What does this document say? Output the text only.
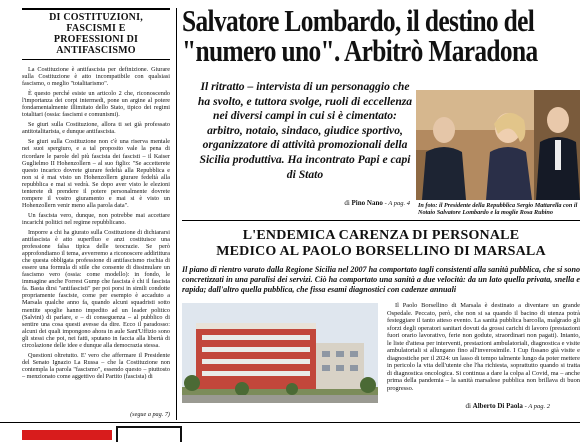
DI COSTITUZIONI,
FASCISMI E
PROFESSIONI DI
ANTIFASCISMO

La Costituzione è antifascista per definizione. Giurare sulla Costituzione è atto incompatibile con qualsiasi fascismo, o meglio "totalitarismo".

È questo perché esiste un articolo 2 che, riconoscendo l'importanza dei corpi intermedi, pone un argine al potere fondamentalmente illimitato dello Stato, tipico dei regimi totalitari (ossia: fascismi e comunismi).

Se giuri sulla Costituzione, allora ti sei già professato antitotalitarista, e dunque antifascista.

Se giuri sulla Costituzione non c'è una riserva mentale nei suoi spergiuro, e a tal proposito vale la pena di ricordare le parole del più fascista dei fascisti – il Kaiser Guglielmo II Hohenzollern – al suo figlio: "Se accetterete questo incarico dovrete giurare fedeltà alla Repubblica e non si è mai visto un Hohenzollern giurare fedeltà alla repubblica e mai si vedrà. Se dopo aver visto le elezioni tenterete di prendere il potere personalmente dovrete rompere il vostro giuramento e mai si è visto un Hohenzollern venir meno alla parola data".

Un fascista vero, dunque, non potrebbe mai accettare incarichi politici nel regime repubblicano.

Imporre a chi ha giurato sulla Costituzione di dichiararsi antifascista è atto superfluo e anzi costituisce una professione falsa tipica delle teocrazie. Se però approfondiamo il tema, avverremo a riconoscere addirittura che questa obbligata professione di antifascismo rischia di essere una formula di stile che consente di dissimulare un fascismo vero (ossia: come modello): in fondo, le immagine anche Forrest Gump che fascista è chi il fascista fa. Basta dirsi "antifascisti" per poi porsi in simili condotte propriamente fasciste, come per esempio è accaduto a Marsala qualche anno fa, quando alcuni squadristi sotto mentite spoglie hanno impedito ad un leader politico (Salvini) di parlare, e – di conseguenza – al pubblico di sentire una cosa questi avesse da dire. Ecco il paradosso: alcuni dei quali impongono ahora in aule Sant'Uffizio sono gli stessi che poi, nei fatti, sputano in faccia alla libertà di circolazione delle idee e dunque alla democrazia stessa.

Questioni oltretutto. E' vero che affermare il Presidente del Senato Ignazio La Russa – che la Costituzione non contempla la parola "fascismo", essendo questo – piuttosto – menzionato come aggettivo del Partito (fascista) di

(segue a pag. 7)
Salvatore Lombardo, il destino del
"numero uno". Arbitrò Maradona
Il ritratto – intervista di un personaggio che ha svolto, e tuttora svolge, ruoli di eccellenza nei diversi campi in cui si è cimentato: arbitro, notaio, sindaco, giudice sportivo, organizzatore di attività promozionali della Sicilia produttiva. Ha incontrato Papi e capi di Stato
di Pino Nano - A pag. 4 In foto: il Presidente della Repubblica Sergio Mattarella con il Notaio Salvatore Lombardo e la moglie Rosa Rubino
L'ENDEMICA CARENZA DI PERSONALE
MEDICO AL PAOLO BORSELLINO DI MARSALA
Il piano di rientro varato dalla Regione Sicilia nel 2007 ha comportato tagli consistenti alla sanità pubblica, che si sono concretizzati in una paralisi dei servizi. Ciò ha comportato una sanità a due velocità: da un lato quella privata, snella e rapida; dall'altro quella pubblica, che fissa esami diagnostici con cadenze annuali

Il Paolo Borsellino di Marsala è destinato a diventare un grande Ospedale. Peccato, però, che non si sa quando il bacino di utenza potrà festeggiare il tanto atteso evento. La sanità pubblica barcolla, malgrado gli sforzi degli operatori sanitari dovuti da grossi carichi di lavoro (prestazioni fuori orario lavorativo, ferie non godute, straordinari non pagati). Intanto, le liste d'attesa per interventi, prestazioni ambulatoriali, diagnostica e visite ambulatoriali si allungano fino all'inverosimile. I Cup fissano già visite e diagnostiche per il 2024: un lasso di tempo talmente lungo da poter mettere in pericolo la vita dell'utente che l'ha richiesta, soprattutto quando si tratta di diagnostica oncologica. Si continua a dare la colpa al Covid, ma – anche prima della pandemia – la sanità marsalese pubblica non brillava di buon progresso.

di Alberto Di Paola - A pag. 2
